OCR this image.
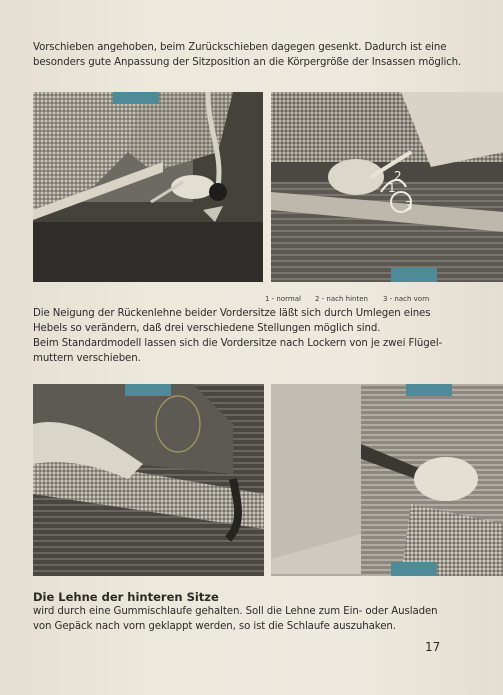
Vorschieben angehoben, beim Zurückschieben dagegen gesenkt. Dadurch ist eine
besonders gute Anpassung der Sitzposition an die Körpergröße der Insassen möglich.
1
2
3
1 - normal 2 - nach hinten 3 - nach vorn
Die Neigung der Rückenlehne beider Vordersitze läßt sich durch Umlegen eines
Hebels so verändern, daß drei verschiedene Stellungen möglich sind.
Beim Standardmodell lassen sich die Vordersitze nach Lockern von je zwei Flügel-
muttern verschieben.
Die Lehne der hinteren Sitze
wird durch eine Gummischlaufe gehalten. Soll die Lehne zum Ein- oder Ausladen
von Gepäck nach vorn geklappt werden, so ist die Schlaufe auszuhaken.
17
